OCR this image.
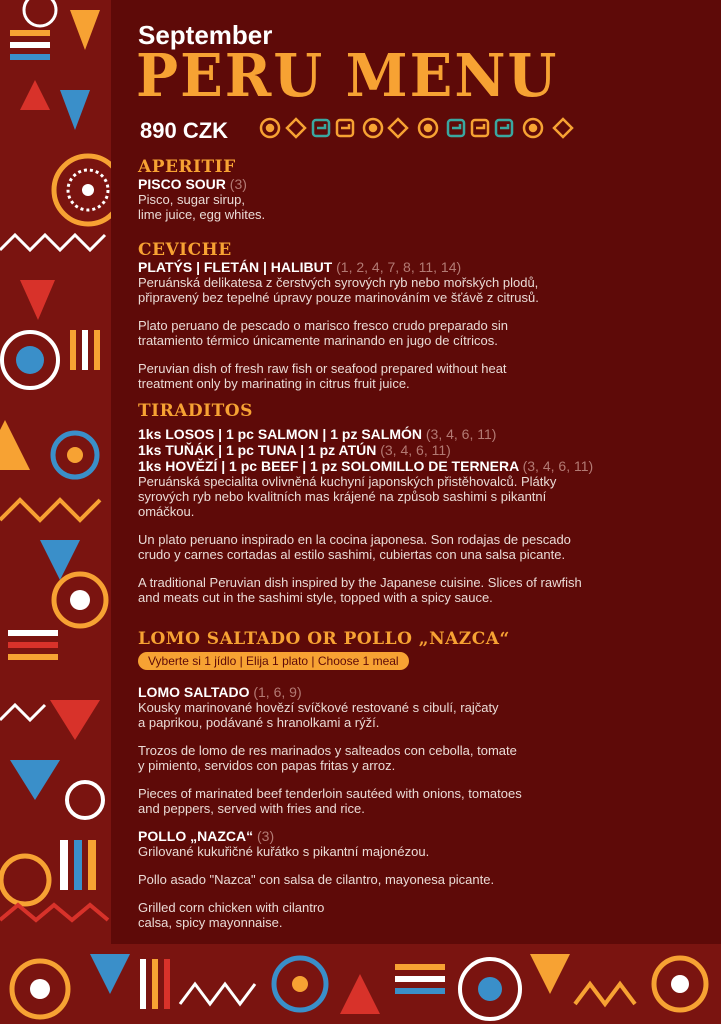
September
PERU MENU
890 CZK
APERITIF

PISCO SOUR (3)

Pisco, sugar sirup,
lime juice, egg whites.

CEVICHE

PLATÝS | FLETÁN | HALIBUT (1, 2, 4, 7, 8, 11, 14)

Peruánská delikatesa z čerstvých syrových ryb nebo mořských plodů,
připravený bez tepelné úpravy pouze marinováním ve šťávě z citrusů.

Plato peruano de pescado o marisco fresco crudo preparado sin
tratamiento térmico únicamente marinando en jugo de cítricos.

Peruvian dish of fresh raw fish or seafood prepared without heat
treatment only by marinating in citrus fruit juice.

TIRADITOS

1ks LOSOS | 1 pc SALMON | 1 pz SALMÓN (3, 4, 6, 11)

1ks TUŇÁK | 1 pc TUNA | 1 pz ATÚN (3, 4, 6, 11)

1ks HOVĚZÍ | 1 pc BEEF | 1 pz SOLOMILLO DE TERNERA (3, 4, 6, 11)

Peruánská specialita ovlivněná kuchyní japonských přistěhovalců. Plátky
syrových ryb nebo kvalitních mas krájené na způsob sashimi s pikantní
omáčkou.

Un plato peruano inspirado en la cocina japonesa. Son rodajas de pescado
crudo y carnes cortadas al estilo sashimi, cubiertas con una salsa picante.

A traditional Peruvian dish inspired by the Japanese cuisine. Slices of rawfish
and meats cut in the sashimi style, topped with a spicy sauce.

LOMO SALTADO OR POLLO „NAZCA“
Vyberte si 1 jídlo | Elija 1 plato | Choose 1 meal

LOMO SALTADO (1, 6, 9)

Kousky marinované hovězí svíčkové restované s cibulí, rajčaty
a paprikou, podávané s hranolkami a rýží.

Trozos de lomo de res marinados y salteados con cebolla, tomate
y pimiento, servidos con papas fritas y arroz.

Pieces of marinated beef tenderloin sautéed with onions, tomatoes
and peppers, served with fries and rice.

POLLO „NAZCA“ (3)

Grilované kukuřičné kuřátko s pikantní majonézou.

Pollo asado "Nazca" con salsa de cilantro, mayonesa picante.

Grilled corn chicken with cilantro
calsa, spicy mayonnaise.
